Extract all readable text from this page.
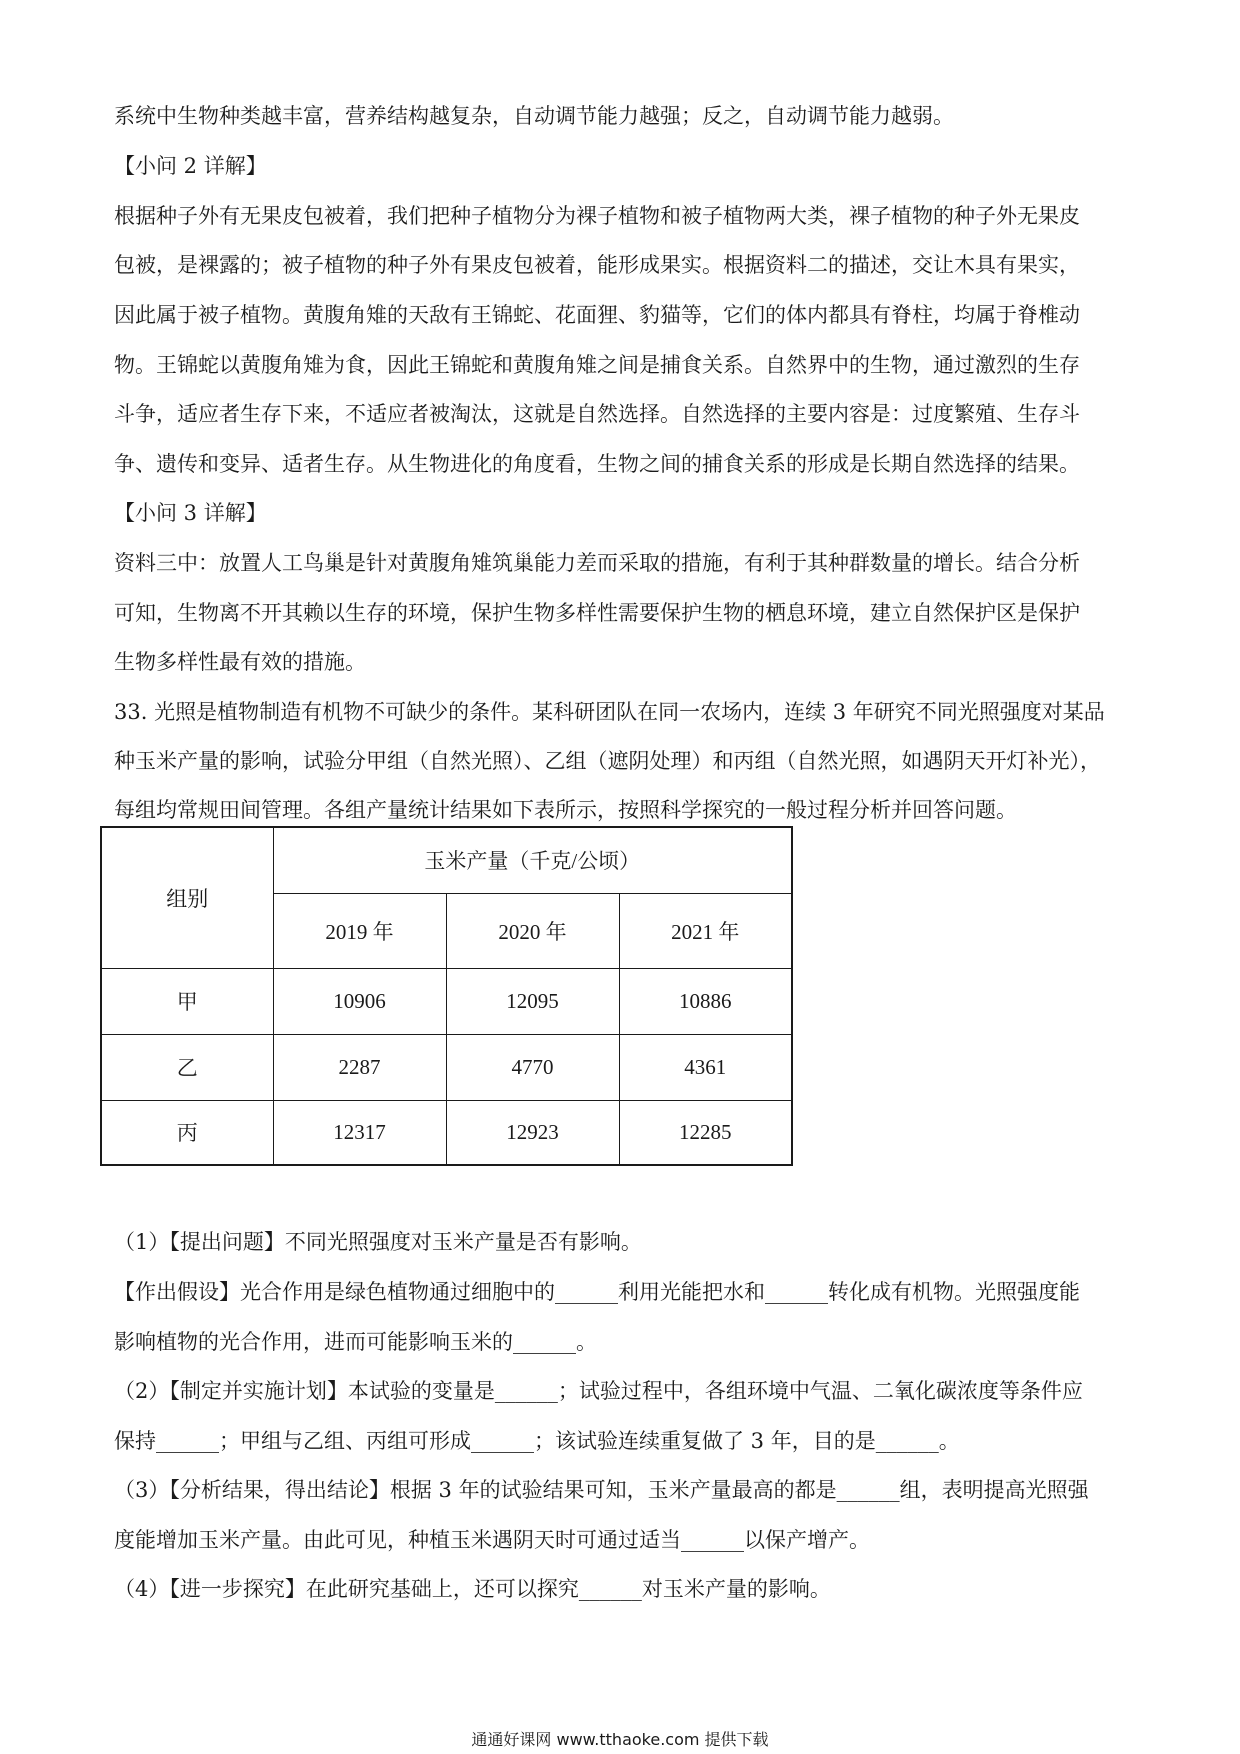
系统中生物种类越丰富，营养结构越复杂，自动调节能力越强；反之，自动调节能力越弱。
【小问 2 详解】
根据种子外有无果皮包被着，我们把种子植物分为裸子植物和被子植物两大类，裸子植物的种子外无果皮
包被，是裸露的；被子植物的种子外有果皮包被着，能形成果实。根据资料二的描述，交让木具有果实，
因此属于被子植物。黄腹角雉的天敌有王锦蛇、花面狸、豹猫等，它们的体内都具有脊柱，均属于脊椎动
物。王锦蛇以黄腹角雉为食，因此王锦蛇和黄腹角雉之间是捕食关系。自然界中的生物，通过激烈的生存
斗争，适应者生存下来，不适应者被淘汰，这就是自然选择。自然选择的主要内容是：过度繁殖、生存斗
争、遗传和变异、适者生存。从生物进化的角度看，生物之间的捕食关系的形成是长期自然选择的结果。
【小问 3 详解】
资料三中：放置人工鸟巢是针对黄腹角雉筑巢能力差而采取的措施，有利于其种群数量的增长。结合分析
可知，生物离不开其赖以生存的环境，保护生物多样性需要保护生物的栖息环境，建立自然保护区是保护
生物多样性最有效的措施。
33. 光照是植物制造有机物不可缺少的条件。某科研团队在同一农场内，连续 3 年研究不同光照强度对某品
种玉米产量的影响，试验分甲组（自然光照）、乙组（遮阴处理）和丙组（自然光照，如遇阴天开灯补光），
每组均常规田间管理。各组产量统计结果如下表所示，按照科学探究的一般过程分析并回答问题。
组别	玉米产量（千克/公顷）		
	2019 年	2020 年	2021 年
甲	10906	12095	10886
乙	2287	4770	4361
丙	12317	12923	12285
（1）【提出问题】不同光照强度对玉米产量是否有影响。
【作出假设】光合作用是绿色植物通过细胞中的______利用光能把水和______转化成有机物。光照强度能
影响植物的光合作用，进而可能影响玉米的______。
（2）【制定并实施计划】本试验的变量是______；试验过程中，各组环境中气温、二氧化碳浓度等条件应
保持______；甲组与乙组、丙组可形成______；该试验连续重复做了 3 年，目的是______。
（3）【分析结果，得出结论】根据 3 年的试验结果可知，玉米产量最高的都是______组，表明提高光照强
度能增加玉米产量。由此可见，种植玉米遇阴天时可通过适当______以保产增产。
（4）【进一步探究】在此研究基础上，还可以探究______对玉米产量的影响。
通通好课网 www.tthaoke.com 提供下载
